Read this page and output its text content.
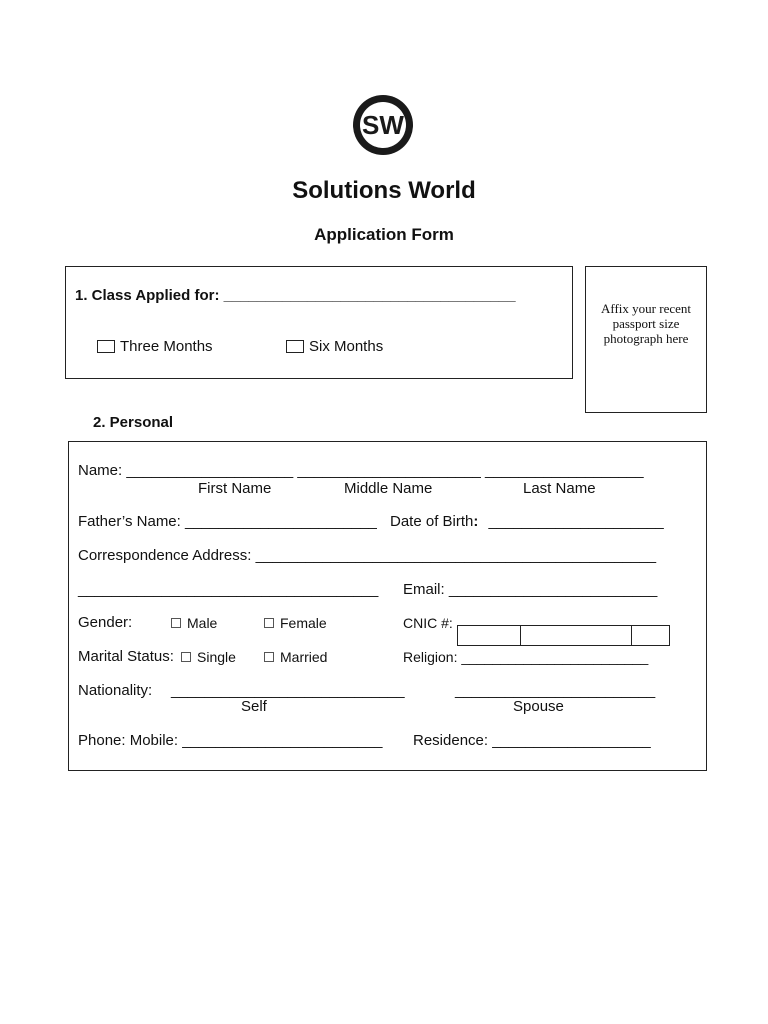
SW
Solutions World
Application Form
1. Class Applied for: ___________________________________
Three Months	Six Months
Affix your recent passport size photograph here
2. Personal
Name: ____________________ ______________________ ___________________
First Name	Middle Name	Last Name
Father’s Name: _______________________ Date of Birth: _____________________
Correspondence Address: ________________________________________________
____________________________________ Email: _________________________
Gender:	Male	Female	CNIC #:
Marital Status:	Single	Married	Religion: ________________________
Nationality: ____________________________	________________________
Self	Spouse
Phone: Mobile: ________________________ Residence: ___________________
